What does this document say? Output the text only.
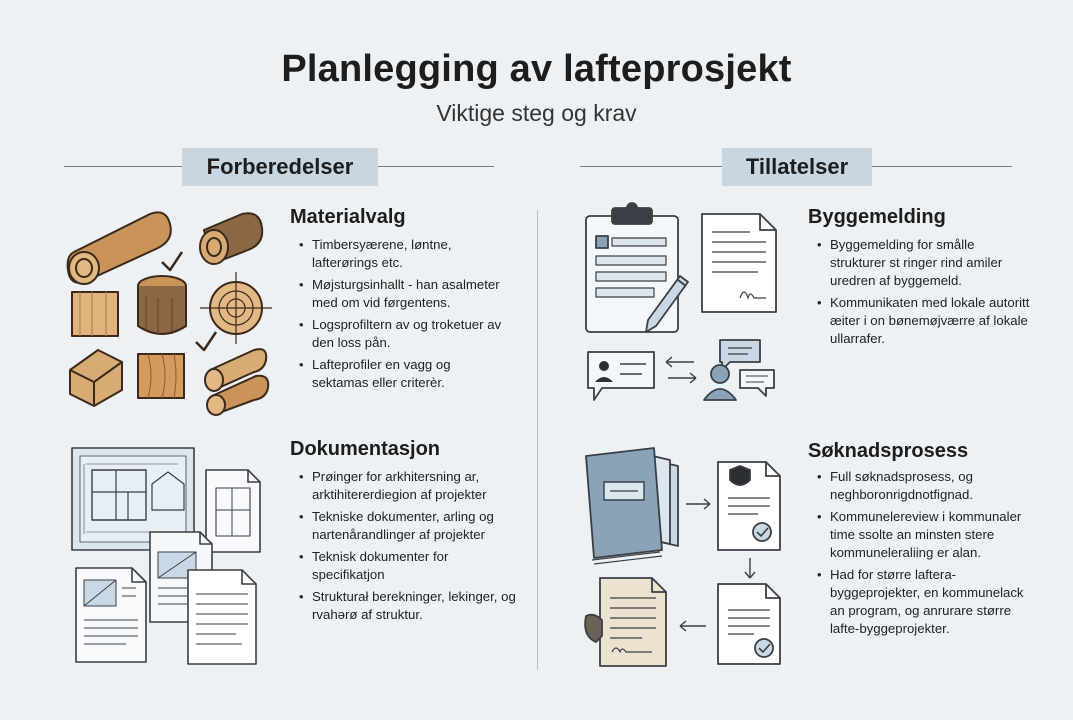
Planlegging av lafteprosjekt
Viktige steg og krav
Forberedelser	Tillatelser
Materialvalg
• Timbersyærene, løntne, lafterørings etc.
• Møjsturgsinhallt - han asalmeter med om vid førgentens.
• Logsprofiltern av og troketuer av den loss pån.
• Lafteprofiler en vagg og sektamas eller criterèr.
Dokumentasjon
• Prøinger for arkhitersning ar, arktihitererdiegion af projekter
• Tekniske dokumenter, arling og nartenårandlinger af projekter
• Teknisk dokumenter for specifikatjon
• Strukturał berekninger, lekinger, og rvahərø af struktur.
Byggemelding
• Byggemelding for smålle strukturer st ringer rind amiler uredren af byggemeld.
• Kommunikaten med lokale autoritt​æiter i on bønemøjværre af lokale ullarrafer.
Søknadsprosess
• Full søknadsprosess, og neghboronrigdnotfignad.
• Kommunelereview i kommunaler time ssolte an minsten stere kommuneleraliing er alan.
• Had for større laftera-byggeprojekter, en kommunelack an program, og anrurare større lafte-byggeprojekter.
